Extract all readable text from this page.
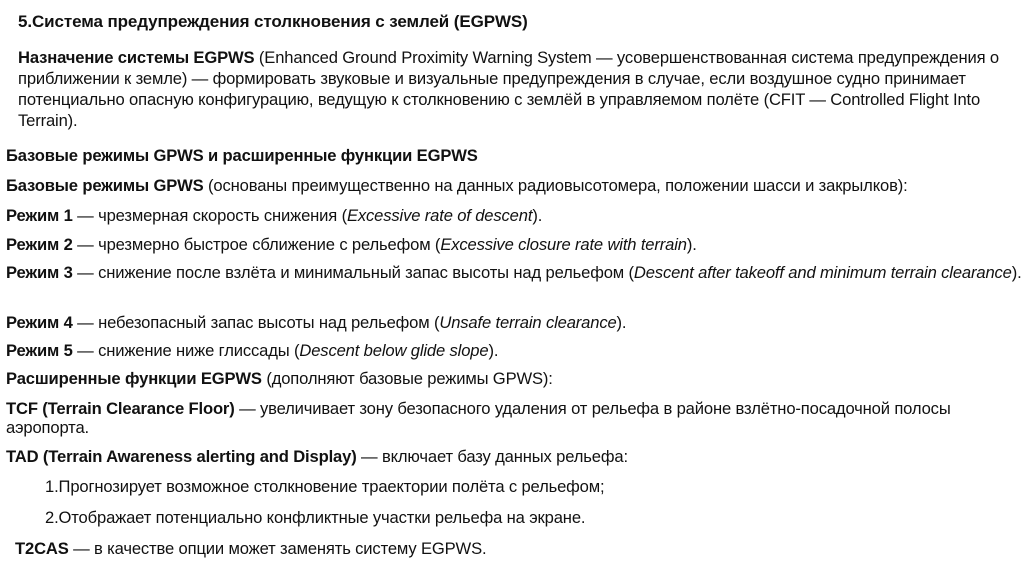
5.Система предупреждения столкновения с землей (EGPWS)
Назначение системы EGPWS (Enhanced Ground Proximity Warning System — усовершенствованная система предупреждения о приближении к земле) — формировать звуковые и визуальные предупреждения в случае, если воздушное судно принимает потенциально опасную конфигурацию, ведущую к столкновению с землёй в управляемом полёте (CFIT — Controlled Flight Into Terrain).
Базовые режимы GPWS и расширенные функции EGPWS
Базовые режимы GPWS (основаны преимущественно на данных радиовысотомера, положении шасси и закрылков):
Режим 1 — чрезмерная скорость снижения (Excessive rate of descent).
Режим 2 — чрезмерно быстрое сближение с рельефом (Excessive closure rate with terrain).
Режим 3 — снижение после взлёта и минимальный запас высоты над рельефом (Descent after takeoff and minimum terrain clearance).
Режим 4 — небезопасный запас высоты над рельефом (Unsafe terrain clearance).
Режим 5 — снижение ниже глиссады (Descent below glide slope).
Расширенные функции EGPWS (дополняют базовые режимы GPWS):
TCF (Terrain Clearance Floor) — увеличивает зону безопасного удаления от рельефа в районе взлётно-посадочной полосы аэропорта.
TAD (Terrain Awareness alerting and Display) — включает базу данных рельефа:
1.Прогнозирует возможное столкновение траектории полёта с рельефом;
2.Отображает потенциально конфликтные участки рельефа на экране.
T2CAS — в качестве опции может заменять систему EGPWS.
